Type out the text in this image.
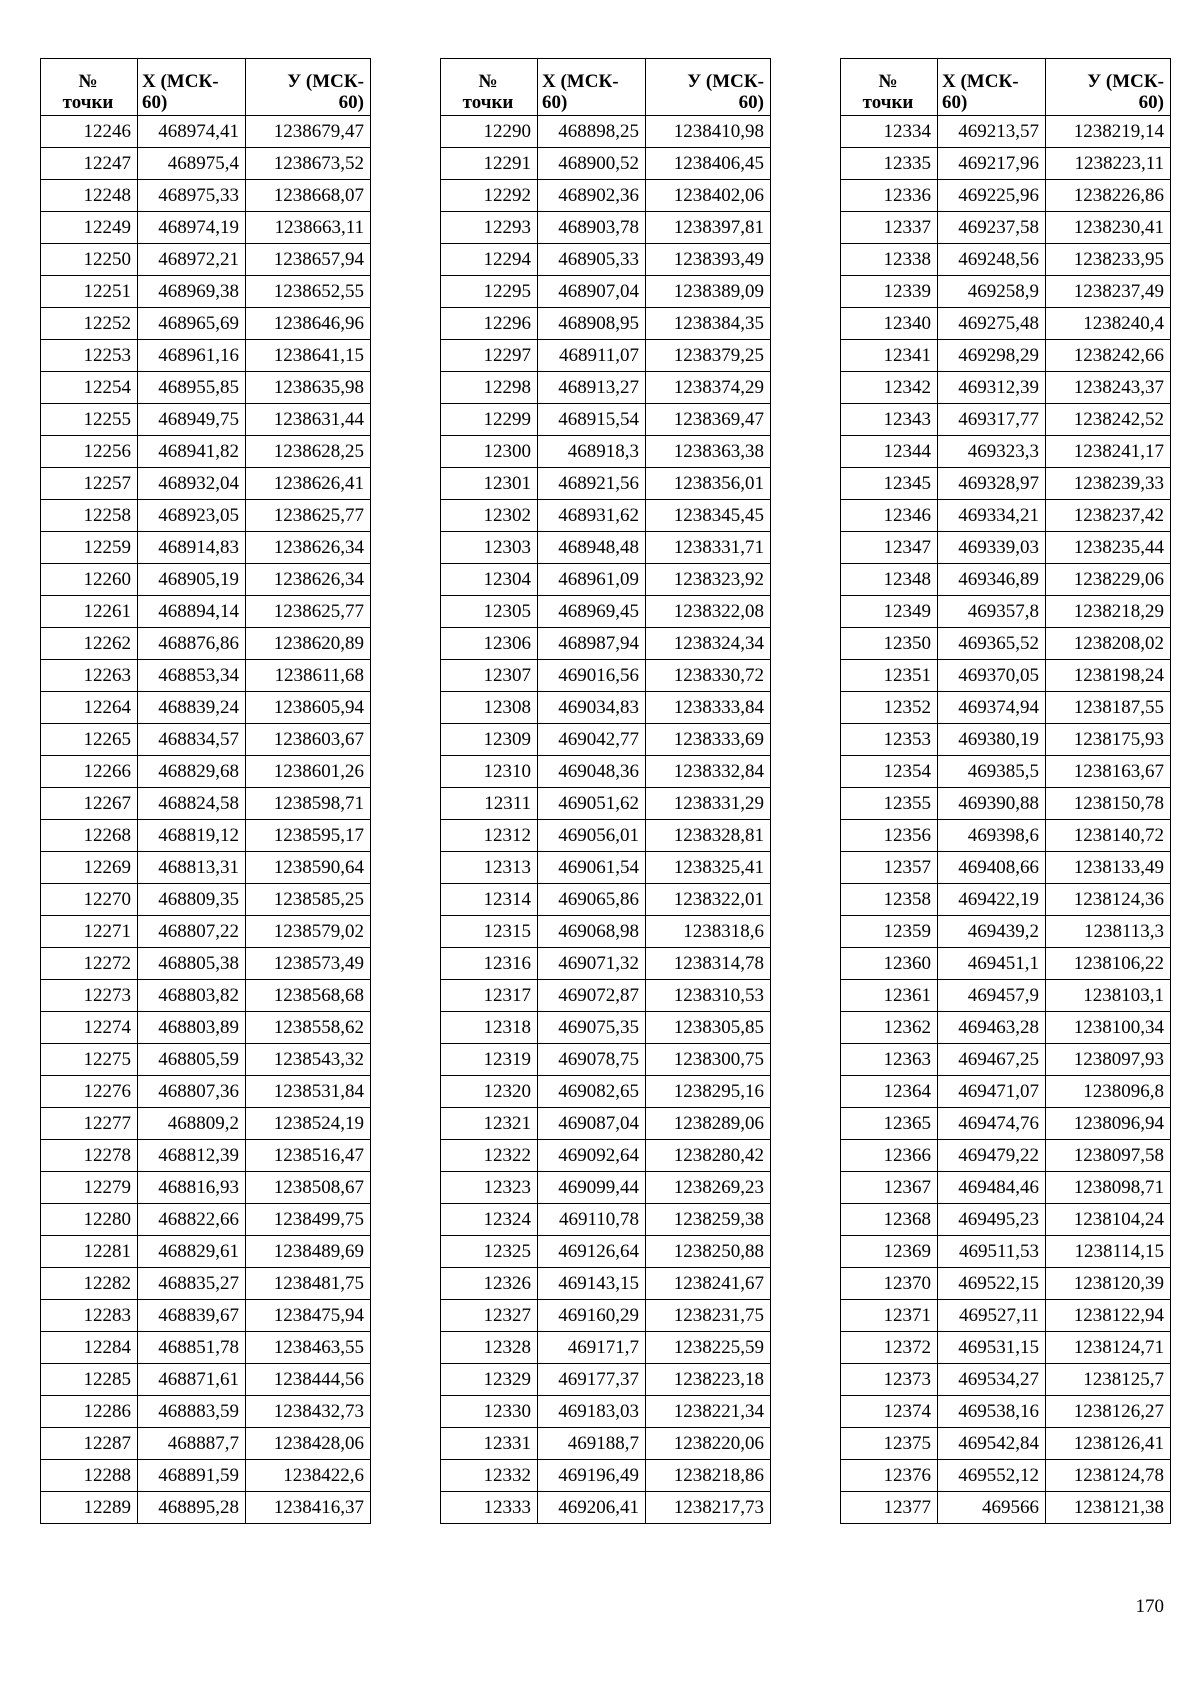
№
точки	Х (МСК-
60)	У (МСК-
60)

12246	468974,41	1238679,47
12247	468975,4	1238673,52
12248	468975,33	1238668,07
12249	468974,19	1238663,11
12250	468972,21	1238657,94
12251	468969,38	1238652,55
12252	468965,69	1238646,96
12253	468961,16	1238641,15
12254	468955,85	1238635,98
12255	468949,75	1238631,44
12256	468941,82	1238628,25
12257	468932,04	1238626,41
12258	468923,05	1238625,77
12259	468914,83	1238626,34
12260	468905,19	1238626,34
12261	468894,14	1238625,77
12262	468876,86	1238620,89
12263	468853,34	1238611,68
12264	468839,24	1238605,94
12265	468834,57	1238603,67
12266	468829,68	1238601,26
12267	468824,58	1238598,71
12268	468819,12	1238595,17
12269	468813,31	1238590,64
12270	468809,35	1238585,25
12271	468807,22	1238579,02
12272	468805,38	1238573,49
12273	468803,82	1238568,68
12274	468803,89	1238558,62
12275	468805,59	1238543,32
12276	468807,36	1238531,84
12277	468809,2	1238524,19
12278	468812,39	1238516,47
12279	468816,93	1238508,67
12280	468822,66	1238499,75
12281	468829,61	1238489,69
12282	468835,27	1238481,75
12283	468839,67	1238475,94
12284	468851,78	1238463,55
12285	468871,61	1238444,56
12286	468883,59	1238432,73
12287	468887,7	1238428,06
12288	468891,59	1238422,6
12289	468895,28	1238416,37
№
точки	Х (МСК-
60)	У (МСК-
60)

12290	468898,25	1238410,98
12291	468900,52	1238406,45
12292	468902,36	1238402,06
12293	468903,78	1238397,81
12294	468905,33	1238393,49
12295	468907,04	1238389,09
12296	468908,95	1238384,35
12297	468911,07	1238379,25
12298	468913,27	1238374,29
12299	468915,54	1238369,47
12300	468918,3	1238363,38
12301	468921,56	1238356,01
12302	468931,62	1238345,45
12303	468948,48	1238331,71
12304	468961,09	1238323,92
12305	468969,45	1238322,08
12306	468987,94	1238324,34
12307	469016,56	1238330,72
12308	469034,83	1238333,84
12309	469042,77	1238333,69
12310	469048,36	1238332,84
12311	469051,62	1238331,29
12312	469056,01	1238328,81
12313	469061,54	1238325,41
12314	469065,86	1238322,01
12315	469068,98	1238318,6
12316	469071,32	1238314,78
12317	469072,87	1238310,53
12318	469075,35	1238305,85
12319	469078,75	1238300,75
12320	469082,65	1238295,16
12321	469087,04	1238289,06
12322	469092,64	1238280,42
12323	469099,44	1238269,23
12324	469110,78	1238259,38
12325	469126,64	1238250,88
12326	469143,15	1238241,67
12327	469160,29	1238231,75
12328	469171,7	1238225,59
12329	469177,37	1238223,18
12330	469183,03	1238221,34
12331	469188,7	1238220,06
12332	469196,49	1238218,86
12333	469206,41	1238217,73
№
точки	Х (МСК-
60)	У (МСК-
60)

12334	469213,57	1238219,14
12335	469217,96	1238223,11
12336	469225,96	1238226,86
12337	469237,58	1238230,41
12338	469248,56	1238233,95
12339	469258,9	1238237,49
12340	469275,48	1238240,4
12341	469298,29	1238242,66
12342	469312,39	1238243,37
12343	469317,77	1238242,52
12344	469323,3	1238241,17
12345	469328,97	1238239,33
12346	469334,21	1238237,42
12347	469339,03	1238235,44
12348	469346,89	1238229,06
12349	469357,8	1238218,29
12350	469365,52	1238208,02
12351	469370,05	1238198,24
12352	469374,94	1238187,55
12353	469380,19	1238175,93
12354	469385,5	1238163,67
12355	469390,88	1238150,78
12356	469398,6	1238140,72
12357	469408,66	1238133,49
12358	469422,19	1238124,36
12359	469439,2	1238113,3
12360	469451,1	1238106,22
12361	469457,9	1238103,1
12362	469463,28	1238100,34
12363	469467,25	1238097,93
12364	469471,07	1238096,8
12365	469474,76	1238096,94
12366	469479,22	1238097,58
12367	469484,46	1238098,71
12368	469495,23	1238104,24
12369	469511,53	1238114,15
12370	469522,15	1238120,39
12371	469527,11	1238122,94
12372	469531,15	1238124,71
12373	469534,27	1238125,7
12374	469538,16	1238126,27
12375	469542,84	1238126,41
12376	469552,12	1238124,78
12377	469566	1238121,38
170
